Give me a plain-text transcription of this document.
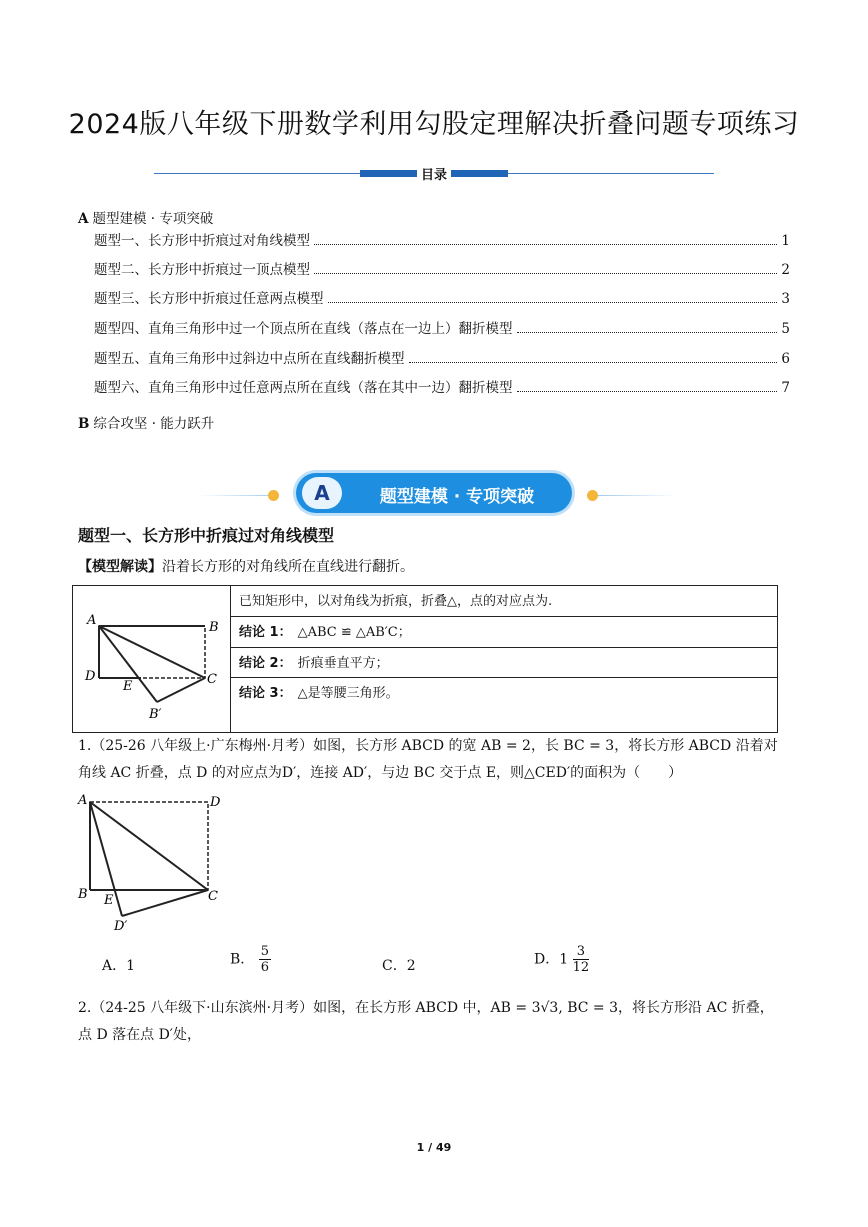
2024版八年级下册数学利用勾股定理解决折叠问题专项练习
目录
A 题型建模 · 专项突破
题型一、长方形中折痕过对角线模型	1
题型二、长方形中折痕过一顶点模型	2
题型三、长方形中折痕过任意两点模型	3
题型四、直角三角形中过一个顶点所在直线（落点在一边上）翻折模型	5
题型五、直角三角形中过斜边中点所在直线翻折模型	6
题型六、直角三角形中过任意两点所在直线（落在其中一边）翻折模型	7
B 综合攻坚 · 能力跃升
A	题型建模 · 专项突破
题型一、长方形中折痕过对角线模型
【模型解读】沿着长方形的对角线所在直线进行翻折。
A	B
C
D
E
B′
已知矩形中，以对角线为折痕，折叠△，点的对应点为.
结论 1： △ABC ≌ △AB′C；
结论 2： 折痕垂直平方；
结论 3： △是等腰三角形。
1.（25-26 八年级上·广东梅州·月考）如图，长方形 ABCD 的宽 AB = 2，长 BC = 3，将长方形 ABCD 沿着对
角线 AC 折叠，点 D 的对应点为D′，连接 AD′，与边 BC 交于点 E，则△CED′的面积为（　　）
A	D
B	C
E
D′
A．1	B． $\frac{5}{6}$	C．2	D．$1 \frac{3}{12}$
2.（24-25 八年级下·山东滨州·月考）如图，在长方形 ABCD 中，AB = 3√3, BC = 3，将长方形沿 AC 折叠，
点 D 落在点 D′处，
1 / 49
